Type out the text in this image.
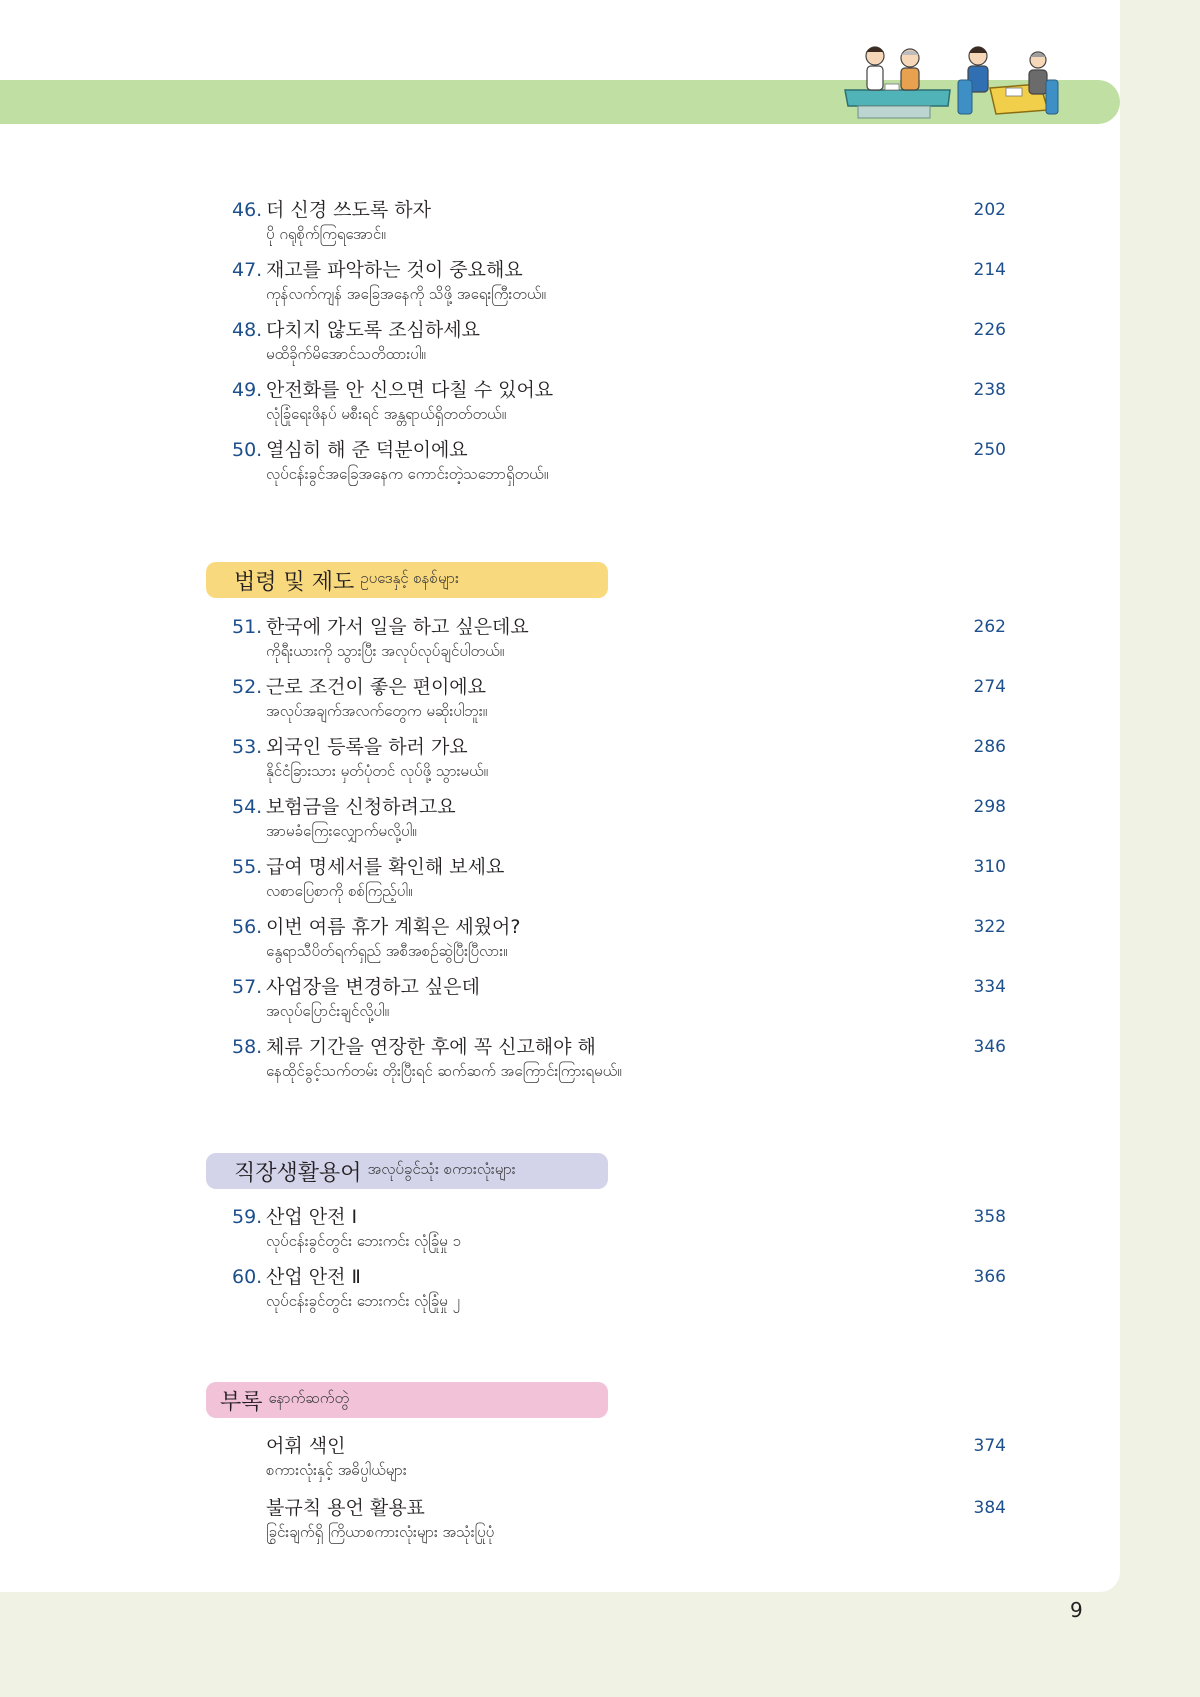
46. 더 신경 쓰도록 하자
ပို ဂရုစိုက်ကြရအောင်။
202
47. 재고를 파악하는 것이 중요해요
ကုန်လက်ကျန် အခြေအနေကို သိဖို့ အရေးကြီးတယ်။
214
48. 다치지 않도록 조심하세요
မထိခိုက်မိအောင်သတိထားပါ။
226
49. 안전화를 안 신으면 다칠 수 있어요
လုံခြုံရေးဖိနပ် မစီးရင် အန္တရာယ်ရှိတတ်တယ်။
238
50. 열심히 해 준 덕분이에요
လုပ်ငန်းခွင်အခြေအနေက ကောင်းတဲ့သဘောရှိတယ်။
250
법령 및 제도 ဥပဒေနှင့် စနစ်များ
51. 한국에 가서 일을 하고 싶은데요
ကိုရီးယားကို သွားပြီး အလုပ်လုပ်ချင်ပါတယ်။
262
52. 근로 조건이 좋은 편이에요
အလုပ်အချက်အလက်တွေက မဆိုးပါဘူး။
274
53. 외국인 등록을 하러 가요
နိုင်ငံခြားသား မှတ်ပုံတင် လုပ်ဖို့ သွားမယ်။
286
54. 보험금을 신청하려고요
အာမခံကြေးလျှောက်မလို့ပါ။
298
55. 급여 명세서를 확인해 보세요
လစာပြေစာကို စစ်ကြည့်ပါ။
310
56. 이번 여름 휴가 계획은 세웠어?
နွေရာသီပိတ်ရက်ရှည် အစီအစဉ်ဆွဲပြီးပြီလား။
322
57. 사업장을 변경하고 싶은데
အလုပ်ပြောင်းချင်လို့ပါ။
334
58. 체류 기간을 연장한 후에 꼭 신고해야 해
နေထိုင်ခွင့်သက်တမ်း တိုးပြီးရင် ဆက်ဆက် အကြောင်းကြားရမယ်။
346
직장생활용어 အလုပ်ခွင်သုံး စကားလုံးများ
59. 산업 안전 Ⅰ
လုပ်ငန်းခွင်တွင်း ဘေးကင်း လုံခြုံမှု ၁
358
60. 산업 안전 Ⅱ
လုပ်ငန်းခွင်တွင်း ဘေးကင်း လုံခြုံမှု ၂
366
부록 နောက်ဆက်တွဲ
어휘 색인
စကားလုံးနှင့် အဓိပ္ပါယ်များ
374
불규칙 용언 활용표
ခြွင်းချက်ရှိ ကြိယာစကားလုံးများ အသုံးပြုပုံ
384
9
